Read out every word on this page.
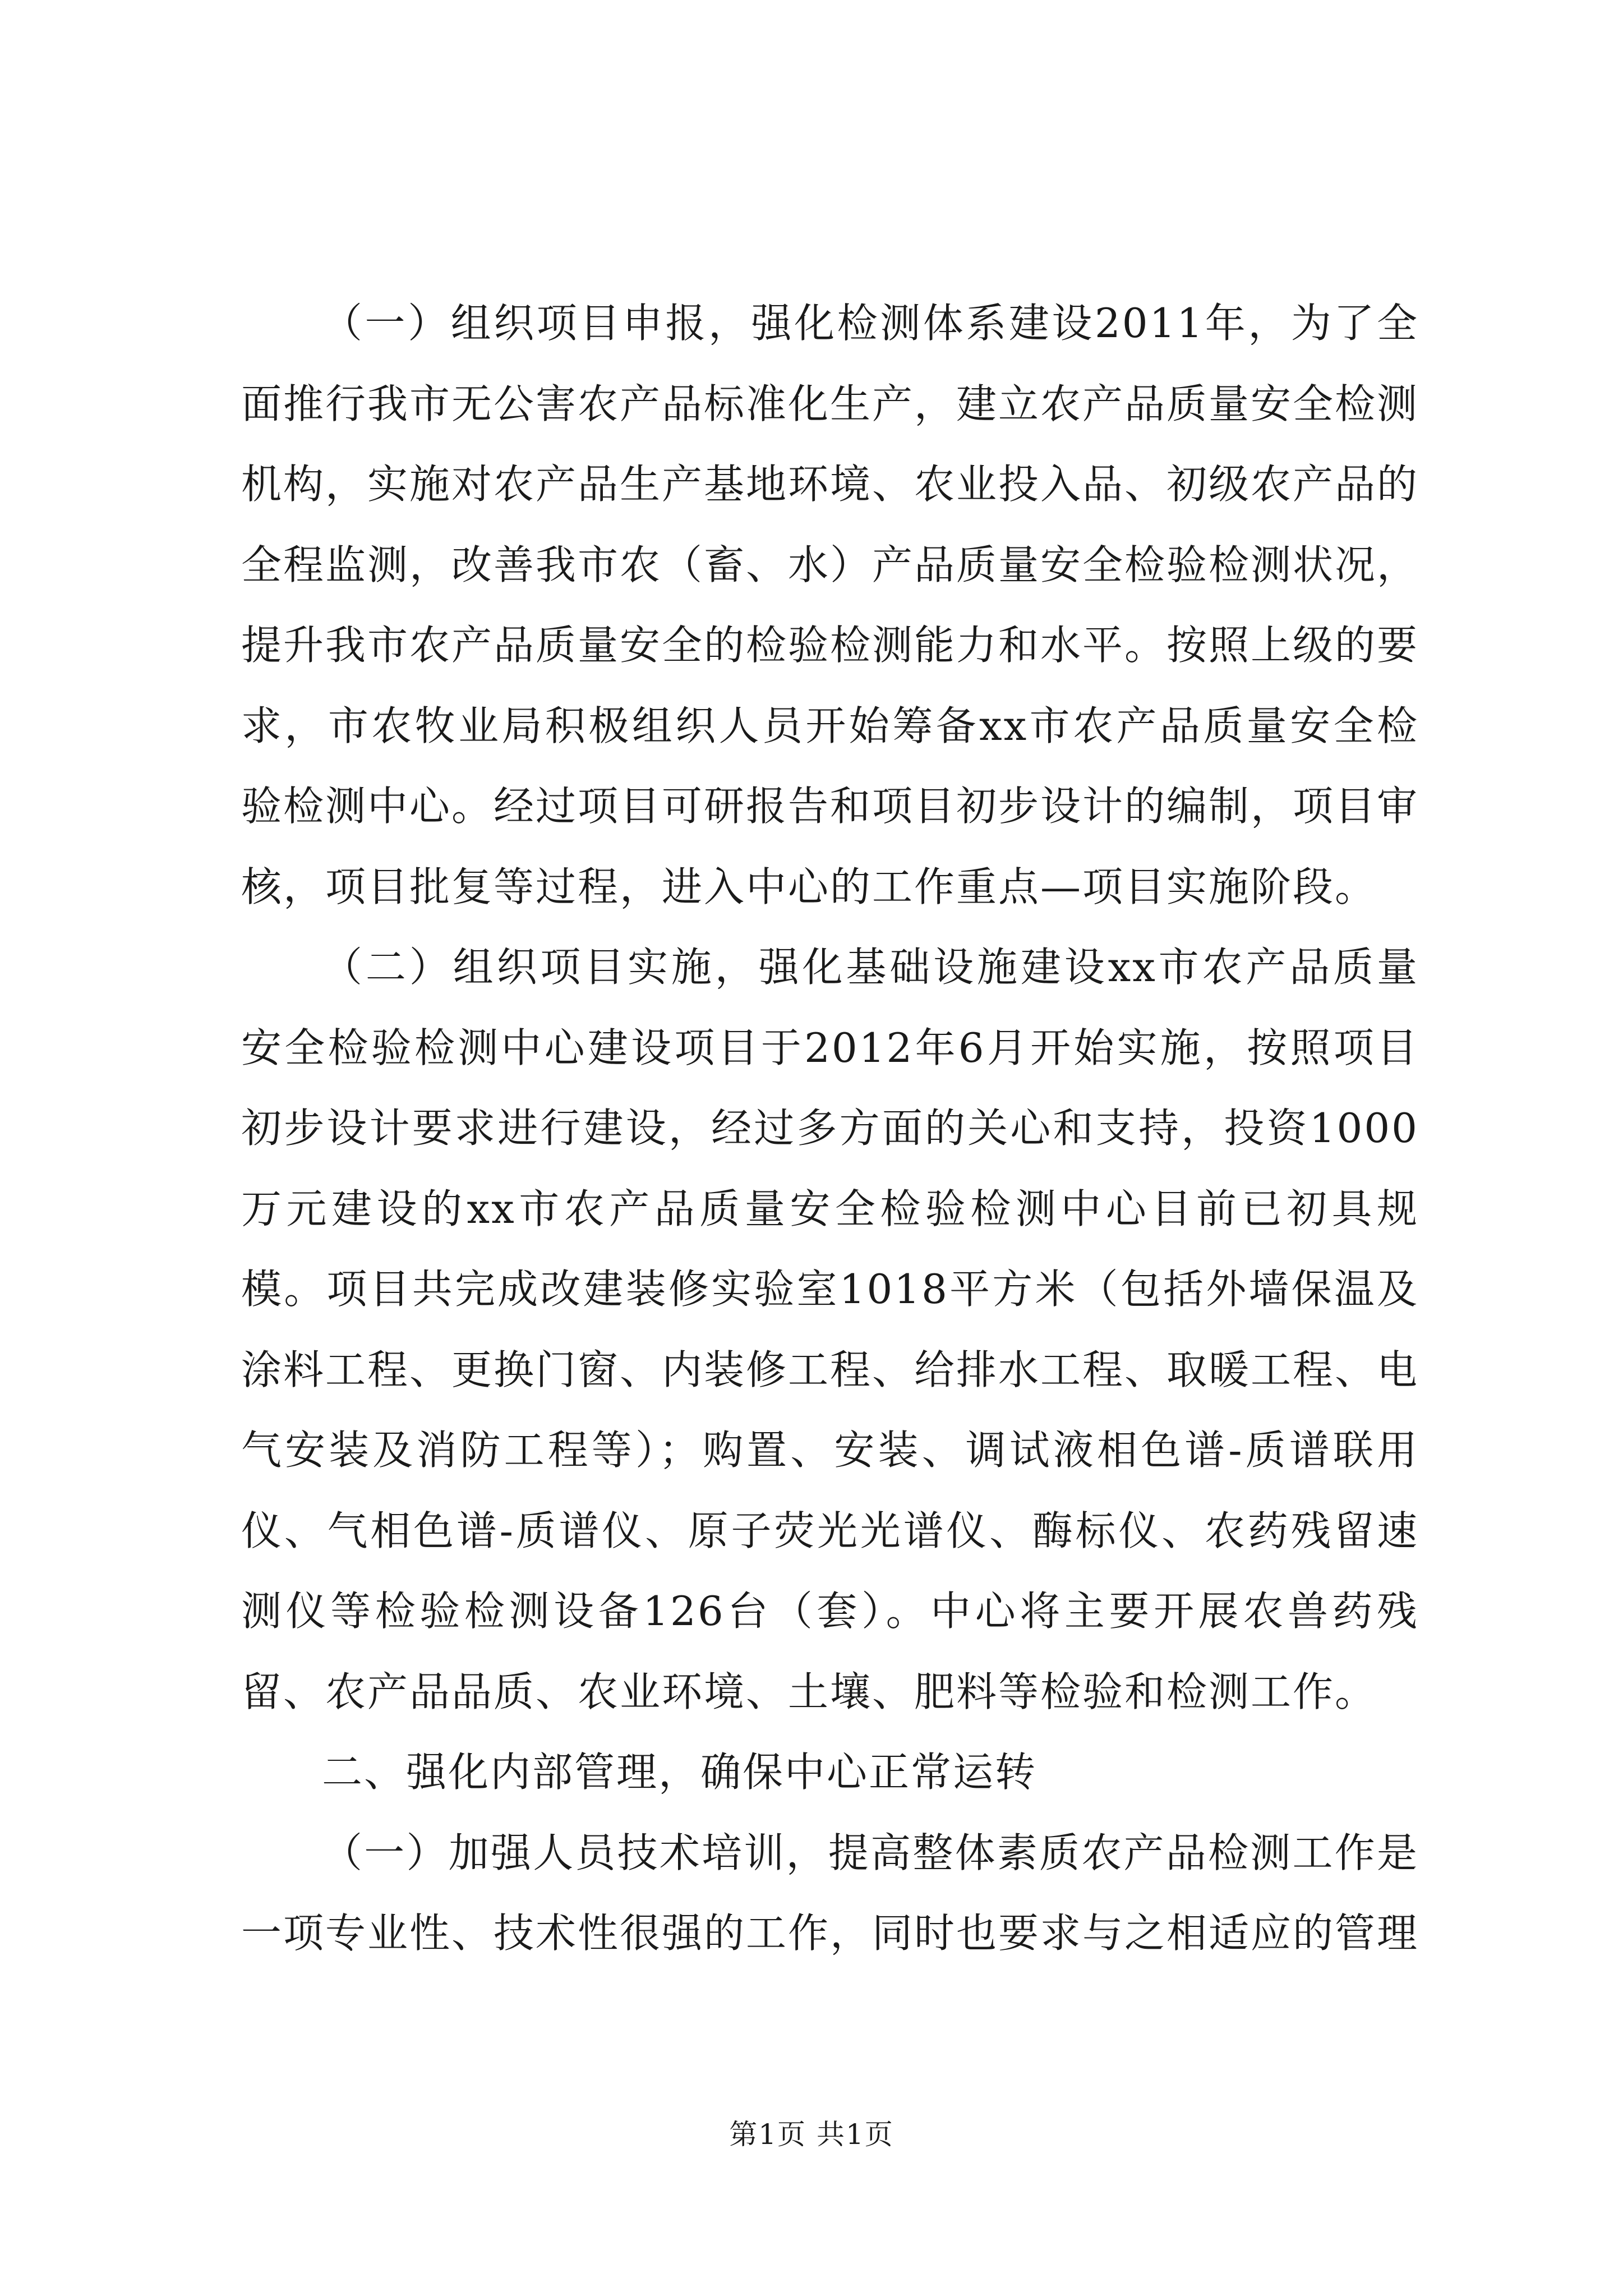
（一）组织项目申报，强化检测体系建设2011年，为了全面推行我市无公害农产品标准化生产，建立农产品质量安全检测机构，实施对农产品生产基地环境、农业投入品、初级农产品的全程监测，改善我市农（畜、水）产品质量安全检验检测状况，提升我市农产品质量安全的检验检测能力和水平。按照上级的要求，市农牧业局积极组织人员开始筹备xx市农产品质量安全检验检测中心。经过项目可研报告和项目初步设计的编制，项目审核，项目批复等过程，进入中心的工作重点—项目实施阶段。

（二）组织项目实施，强化基础设施建设xx市农产品质量安全检验检测中心建设项目于2012年6月开始实施，按照项目初步设计要求进行建设，经过多方面的关心和支持，投资1000万元建设的xx市农产品质量安全检验检测中心目前已初具规模。项目共完成改建装修实验室1018平方米（包括外墙保温及涂料工程、更换门窗、内装修工程、给排水工程、取暖工程、电气安装及消防工程等）；购置、安装、调试液相色谱-质谱联用仪、气相色谱-质谱仪、原子荧光光谱仪、酶标仪、农药残留速测仪等检验检测设备126台（套）。中心将主要开展农兽药残留、农产品品质、农业环境、土壤、肥料等检验和检测工作。

二、强化内部管理，确保中心正常运转

（一）加强人员技术培训，提高整体素质农产品检测工作是一项专业性、技术性很强的工作，同时也要求与之相适应的管理

第1页 共1页
